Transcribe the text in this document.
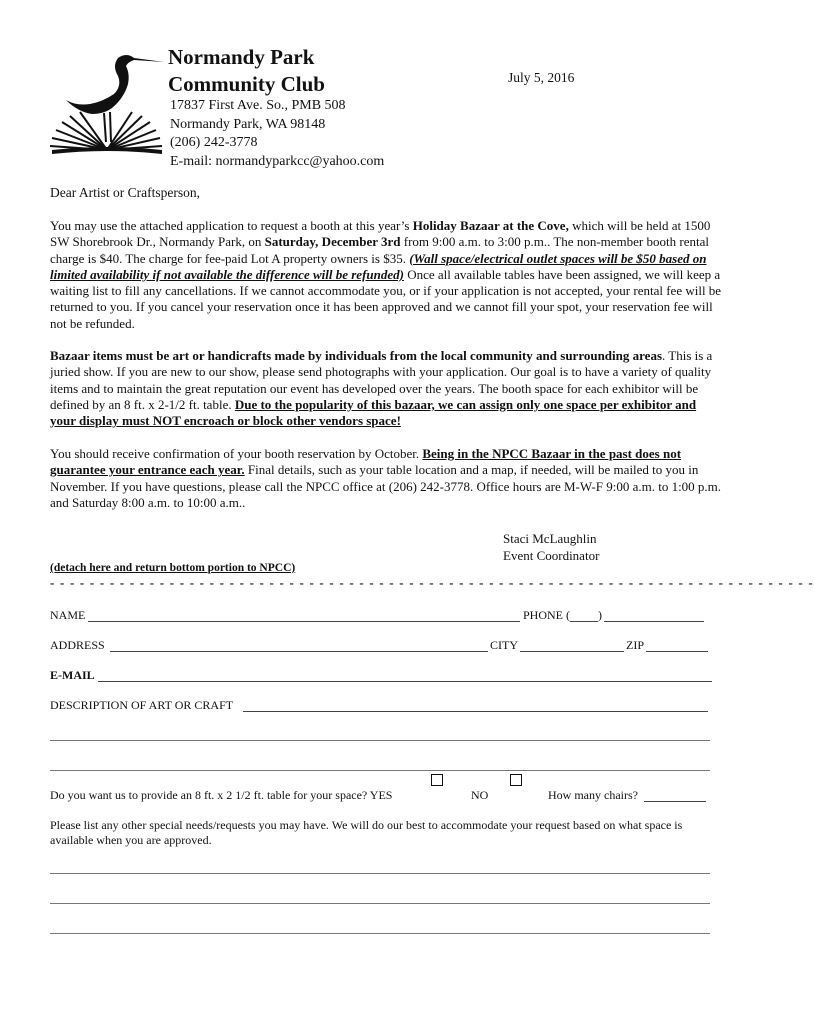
Normandy Park
Community Club	July 5, 2016
17837 First Ave. So., PMB 508
Normandy Park, WA 98148
(206) 242-3778
E-mail: normandyparkcc@yahoo.com
Dear Artist or Craftsperson,
You may use the attached application to request a booth at this year’s Holiday Bazaar at the Cove, which will be held at 1500 SW Shorebrook Dr., Normandy Park, on Saturday, December 3rd from 9:00 a.m. to 3:00 p.m.. The non-member booth rental charge is $40. The charge for fee-paid Lot A property owners is $35. (Wall space/electrical outlet spaces will be $50 based on limited availability if not available the difference will be refunded) Once all available tables have been assigned, we will keep a waiting list to fill any cancellations. If we cannot accommodate you, or if your application is not accepted, your rental fee will be returned to you. If you cancel your reservation once it has been approved and we cannot fill your spot, your reservation fee will not be refunded.
Bazaar items must be art or handicrafts made by individuals from the local community and surrounding areas. This is a juried show. If you are new to our show, please send photographs with your application. Our goal is to have a variety of quality items and to maintain the great reputation our event has developed over the years. The booth space for each exhibitor will be defined by an 8 ft. x 2-1/2 ft. table. Due to the popularity of this bazaar, we can assign only one space per exhibitor and your display must NOT encroach or block other vendors space!
You should receive confirmation of your booth reservation by October. Being in the NPCC Bazaar in the past does not guarantee your entrance each year. Final details, such as your table location and a map, if needed, will be mailed to you in November. If you have questions, please call the NPCC office at (206) 242-3778. Office hours are M-W-F 9:00 a.m. to 1:00 p.m. and Saturday 8:00 a.m. to 10:00 a.m..
Staci McLaughlin
Event Coordinator
(detach here and return bottom portion to NPCC)
- - - - - - - - - - - - - - - - - - - - - - - - - - - - - - - - - - - - - - - - - - - - - - - - - - - - - - - - - - - - - - - - - - - - - - - - - - - - -
NAME	PHONE ( )
ADDRESS	CITY	ZIP
E-MAIL
DESCRIPTION OF ART OR CRAFT
Do you want us to provide an 8 ft. x 2 1/2 ft. table for your space? YES	NO	How many chairs?
Please list any other special needs/requests you may have. We will do our best to accommodate your request based on what space is available when you are approved.
